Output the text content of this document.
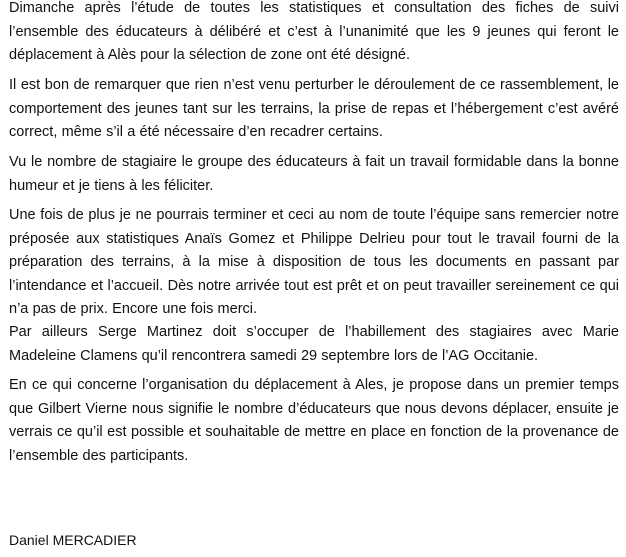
Dimanche après l’étude de toutes les statistiques et consultation des fiches de suivi l’ensemble des éducateurs à délibéré et c’est à l’unanimité que les 9 jeunes qui feront le déplacement à Alès pour la sélection de zone ont été désigné.

Il est bon de remarquer que rien n’est venu perturber le déroulement de ce rassemblement, le comportement des jeunes tant sur les terrains, la prise de repas et l’hébergement c’est avéré correct, même s’il a été nécessaire d’en recadrer certains.

Vu le nombre de stagiaire le groupe des éducateurs à fait un travail formidable dans la bonne humeur et je tiens à les féliciter.

Une fois de plus je ne pourrais terminer et ceci au nom de toute l’équipe sans remercier notre préposée aux statistiques Anaïs Gomez et Philippe Delrieu pour tout le travail fourni de la préparation des terrains, à la mise à disposition de tous les documents en passant par l’intendance et l’accueil. Dès notre arrivée tout est prêt et on peut travailler sereinement ce qui n’a pas de prix. Encore une fois merci.

Par ailleurs Serge Martinez doit s’occuper de l’habillement des stagiaires avec Marie Madeleine Clamens qu’il rencontrera samedi 29 septembre lors de l’AG Occitanie.

En ce qui concerne l’organisation du déplacement à Ales, je propose dans un premier temps que Gilbert Vierne nous signifie le nombre d’éducateurs que nous devons déplacer, ensuite je verrais ce qu’il est possible et souhaitable de mettre en place en fonction de la provenance de l’ensemble des participants.

Daniel MERCADIER
